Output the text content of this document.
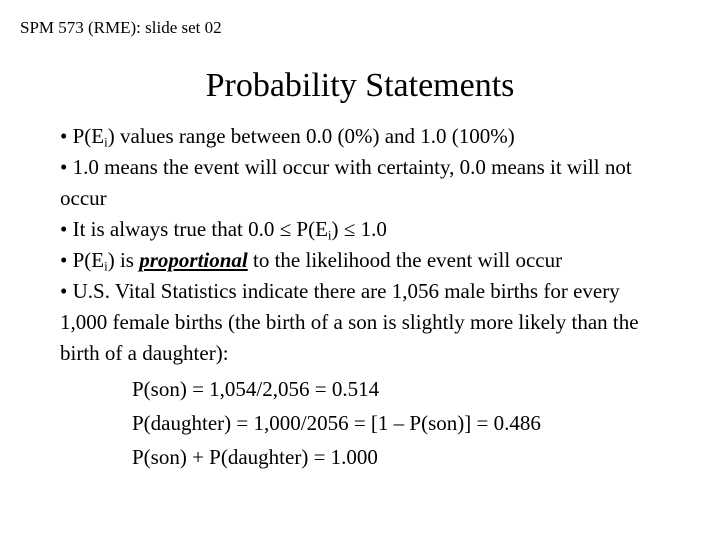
SPM 573 (RME): slide set 02
Probability Statements
• $P(E_i)$ values range between 0.0 (0%) and 1.0 (100%)
• 1.0 means the event will occur with certainty, 0.0 means it will not occur
• It is always true that $0.0 \le P(E_i) \le 1.0$
• $P(E_i)$ is proportional to the likelihood the event will occur
• U.S. Vital Statistics indicate there are 1,056 male births for every 1,000 female births (the birth of a son is slightly more likely than the birth of a daughter):
P(son) = 1,054/2,056 = 0.514
P(daughter) = 1,000/2056 = [1 – P(son)] = 0.486
P(son) + P(daughter) = 1.000
